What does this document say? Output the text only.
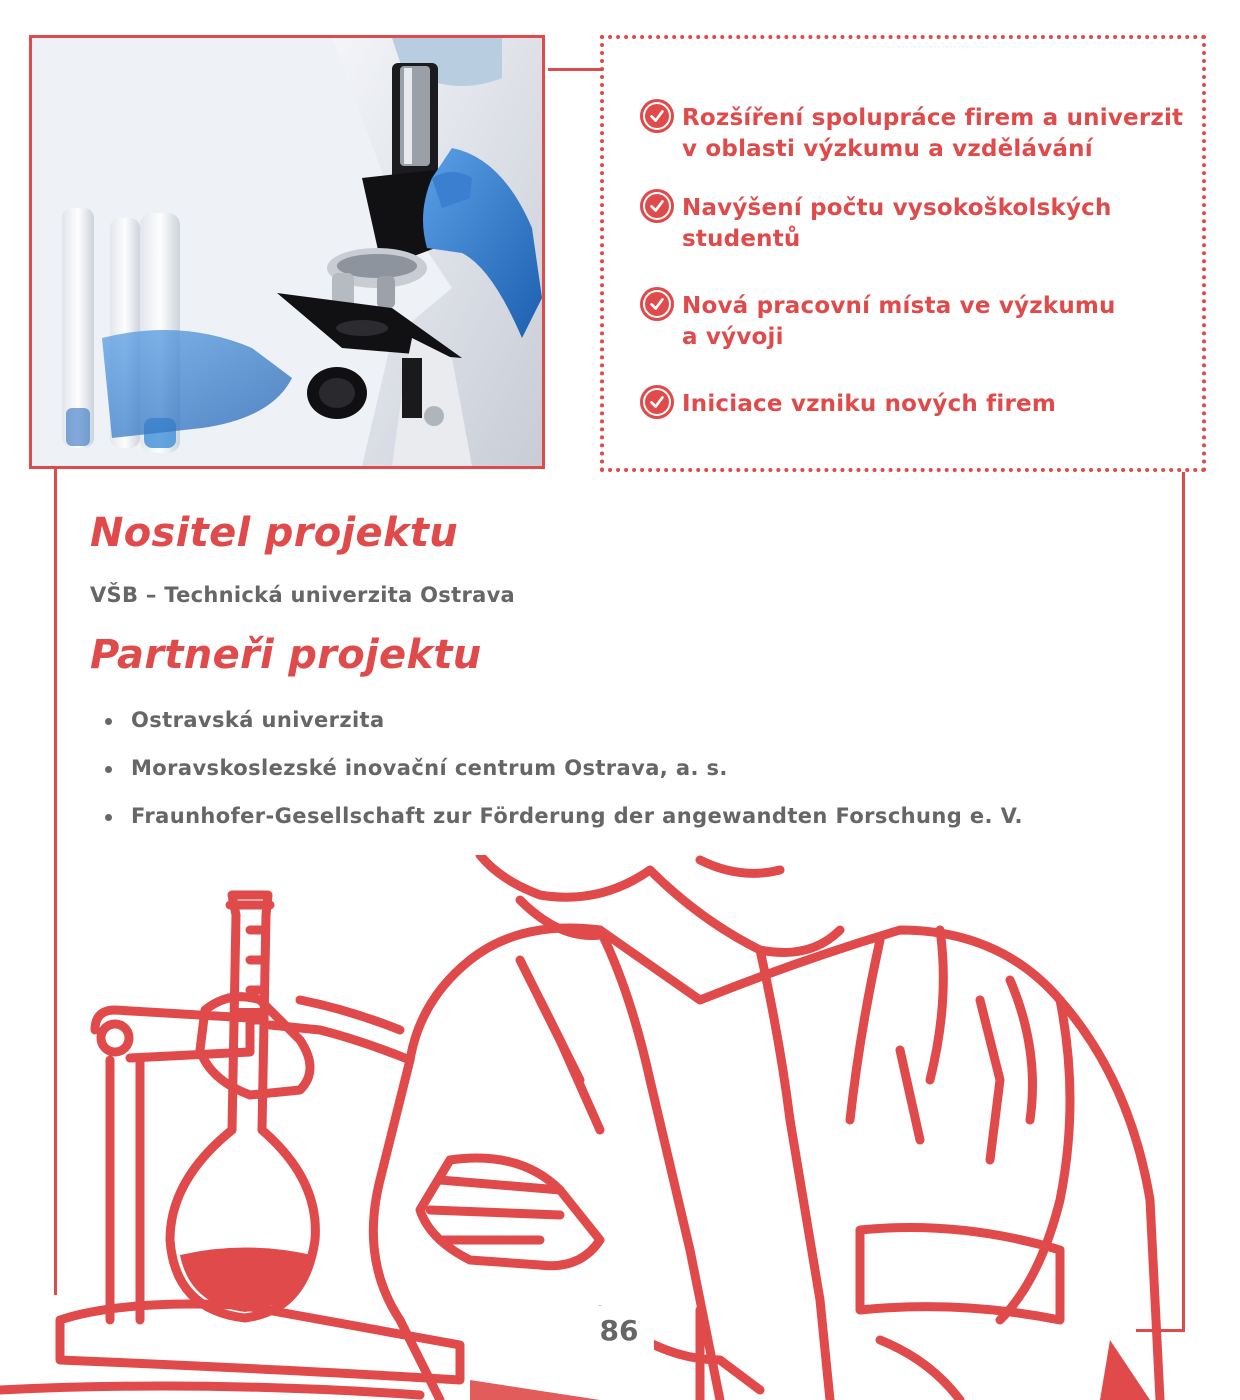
Rozšíření spolupráce firem a univerzit
v oblasti výzkumu a vzdělávání
Navýšení počtu vysokoškolských
studentů
Nová pracovní místa ve výzkumu
a vývoji
Iniciace vzniku nových firem
Nositel projektu
VŠB – Technická univerzita Ostrava
Partneři projektu
Ostravská univerzita
Moravskoslezské inovační centrum Ostrava, a. s.
Fraunhofer-Gesellschaft zur Förderung der angewandten Forschung e. V.
86
